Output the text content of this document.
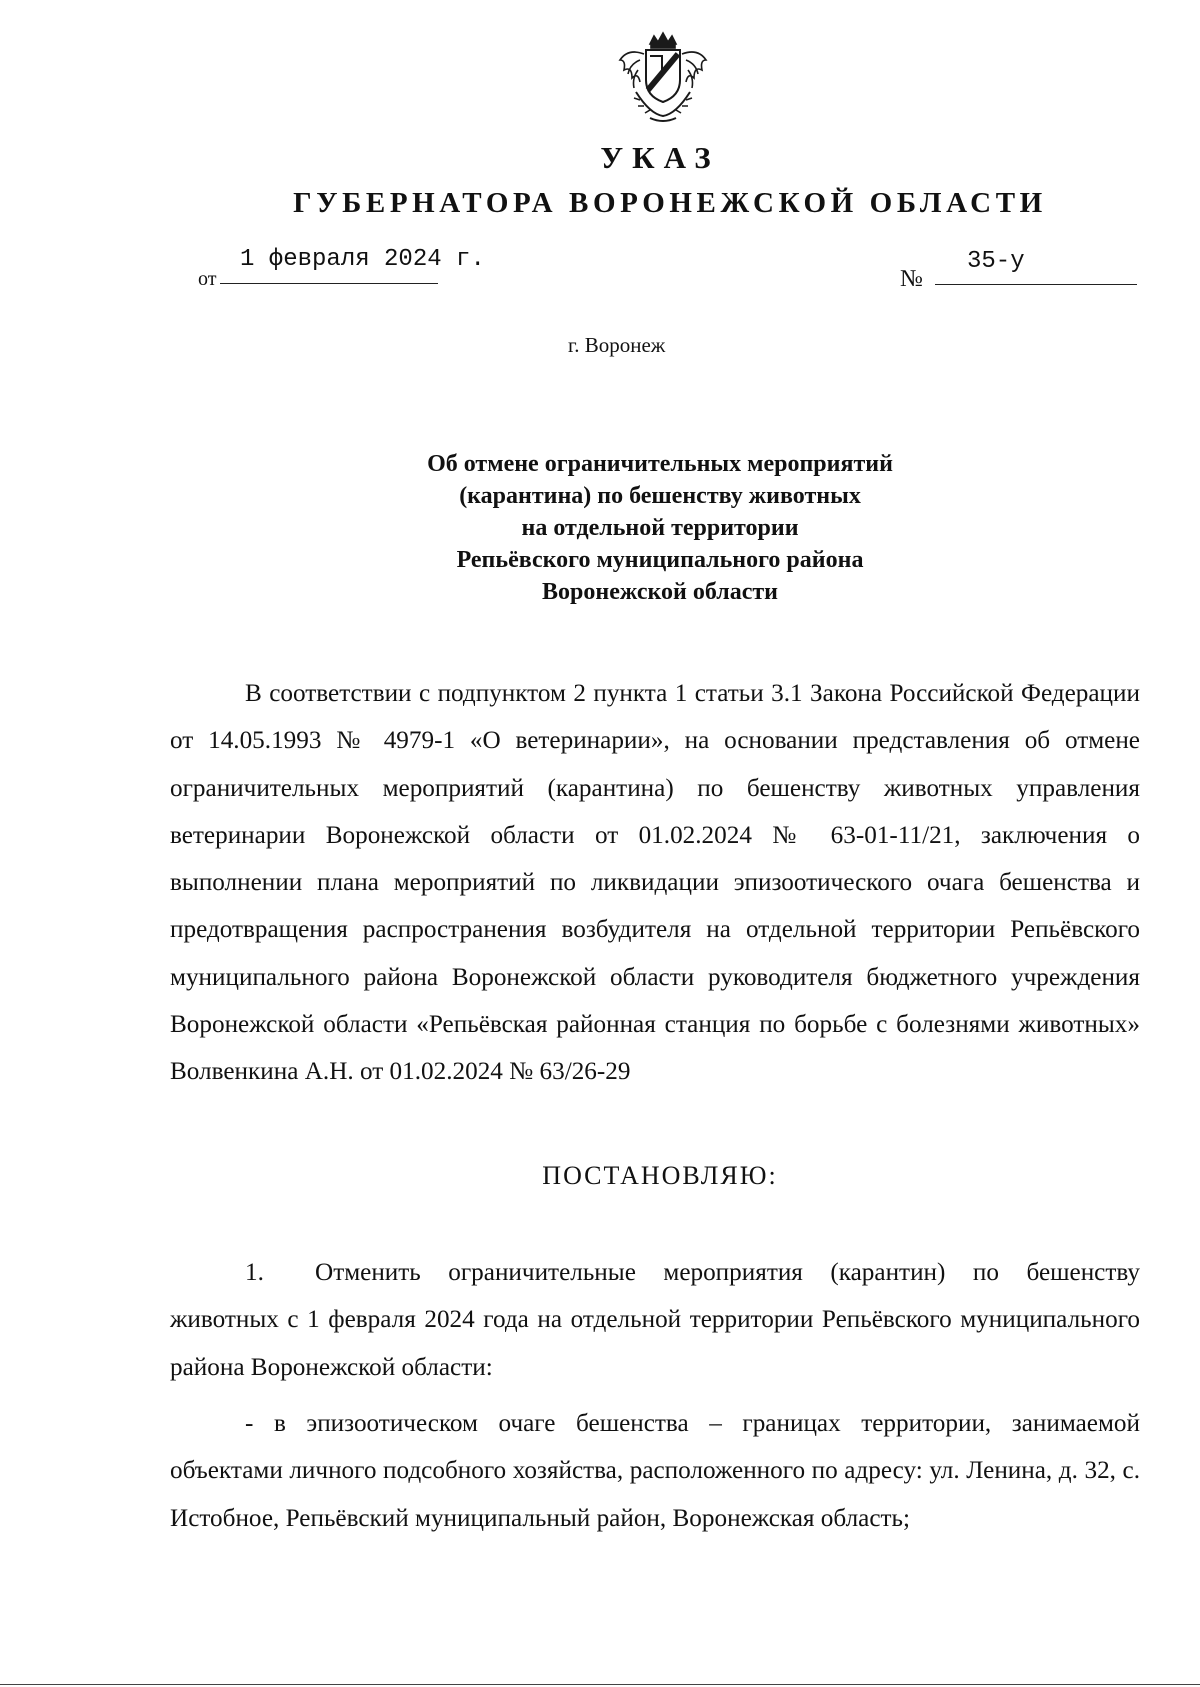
УКАЗ
ГУБЕРНАТОРА ВОРОНЕЖСКОЙ ОБЛАСТИ
от
1 февраля 2024 г.
№
35-у
г. Воронеж
Об отмене ограничительных мероприятий
(карантина) по бешенству животных
на отдельной территории
Репьёвского муниципального района
Воронежской области
В соответствии с подпунктом 2 пункта 1 статьи 3.1 Закона Российской Федерации от 14.05.1993 № 4979-1 «О ветеринарии», на основании представления об отмене ограничительных мероприятий (карантина) по бешенству животных управления ветеринарии Воронежской области от 01.02.2024 № 63-01-11/21, заключения о выполнении плана мероприятий по ликвидации эпизоотического очага бешенства и предотвращения распространения возбудителя на отдельной территории Репьёвского муниципального района Воронежской области руководителя бюджетного учреждения Воронежской области «Репьёвская районная станция по борьбе с болезнями животных» Волвенкина А.Н. от 01.02.2024 № 63/26-29
ПОСТАНОВЛЯЮ:
1. Отменить ограничительные мероприятия (карантин) по бешенству животных с 1 февраля 2024 года на отдельной территории Репьёвского муниципального района Воронежской области:
- в эпизоотическом очаге бешенства – границах территории, занимаемой объектами личного подсобного хозяйства, расположенного по адресу: ул. Ленина, д. 32, с. Истобное, Репьёвский муниципальный район, Воронежская область;
